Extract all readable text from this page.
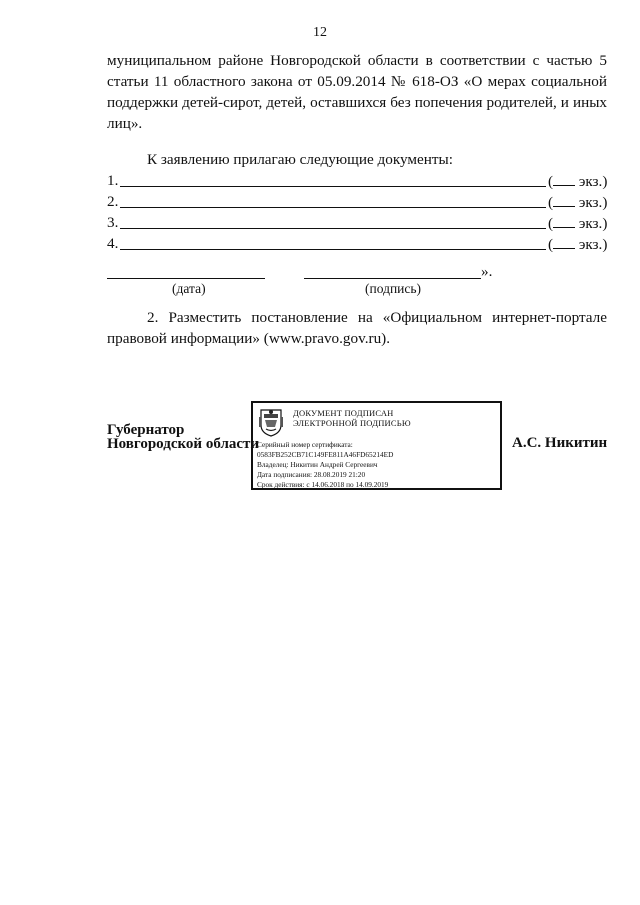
12
муниципальном районе Новгородской области в соответствии с частью 5
статьи 11 областного закона от 05.09.2014 № 618-ОЗ «О мерах социальной
поддержки детей-сирот, детей, оставшихся без попечения родителей, и иных
лиц».
К заявлению прилагаю следующие документы:
1.	( экз.)
2.	( экз.)
3.	( экз.)
4.	( экз.)
(дата)
».
(подпись)
2. Разместить постановление на «Официальном интернет-портале
правовой информации» (www.pravo.gov.ru).
Губернатор
Новгородской области	А.С. Никитин
ДОКУМЕНТ ПОДПИСАН
ЭЛЕКТРОННОЙ ПОДПИСЬЮ
Серийный номер сертификата:
0583FB252CB71C149FE811A46FD65214ED
Владелец: Никитин Андрей Сергеевич
Дата подписания: 28.08.2019 21:20
Срок действия: с 14.06.2018 по 14.09.2019
